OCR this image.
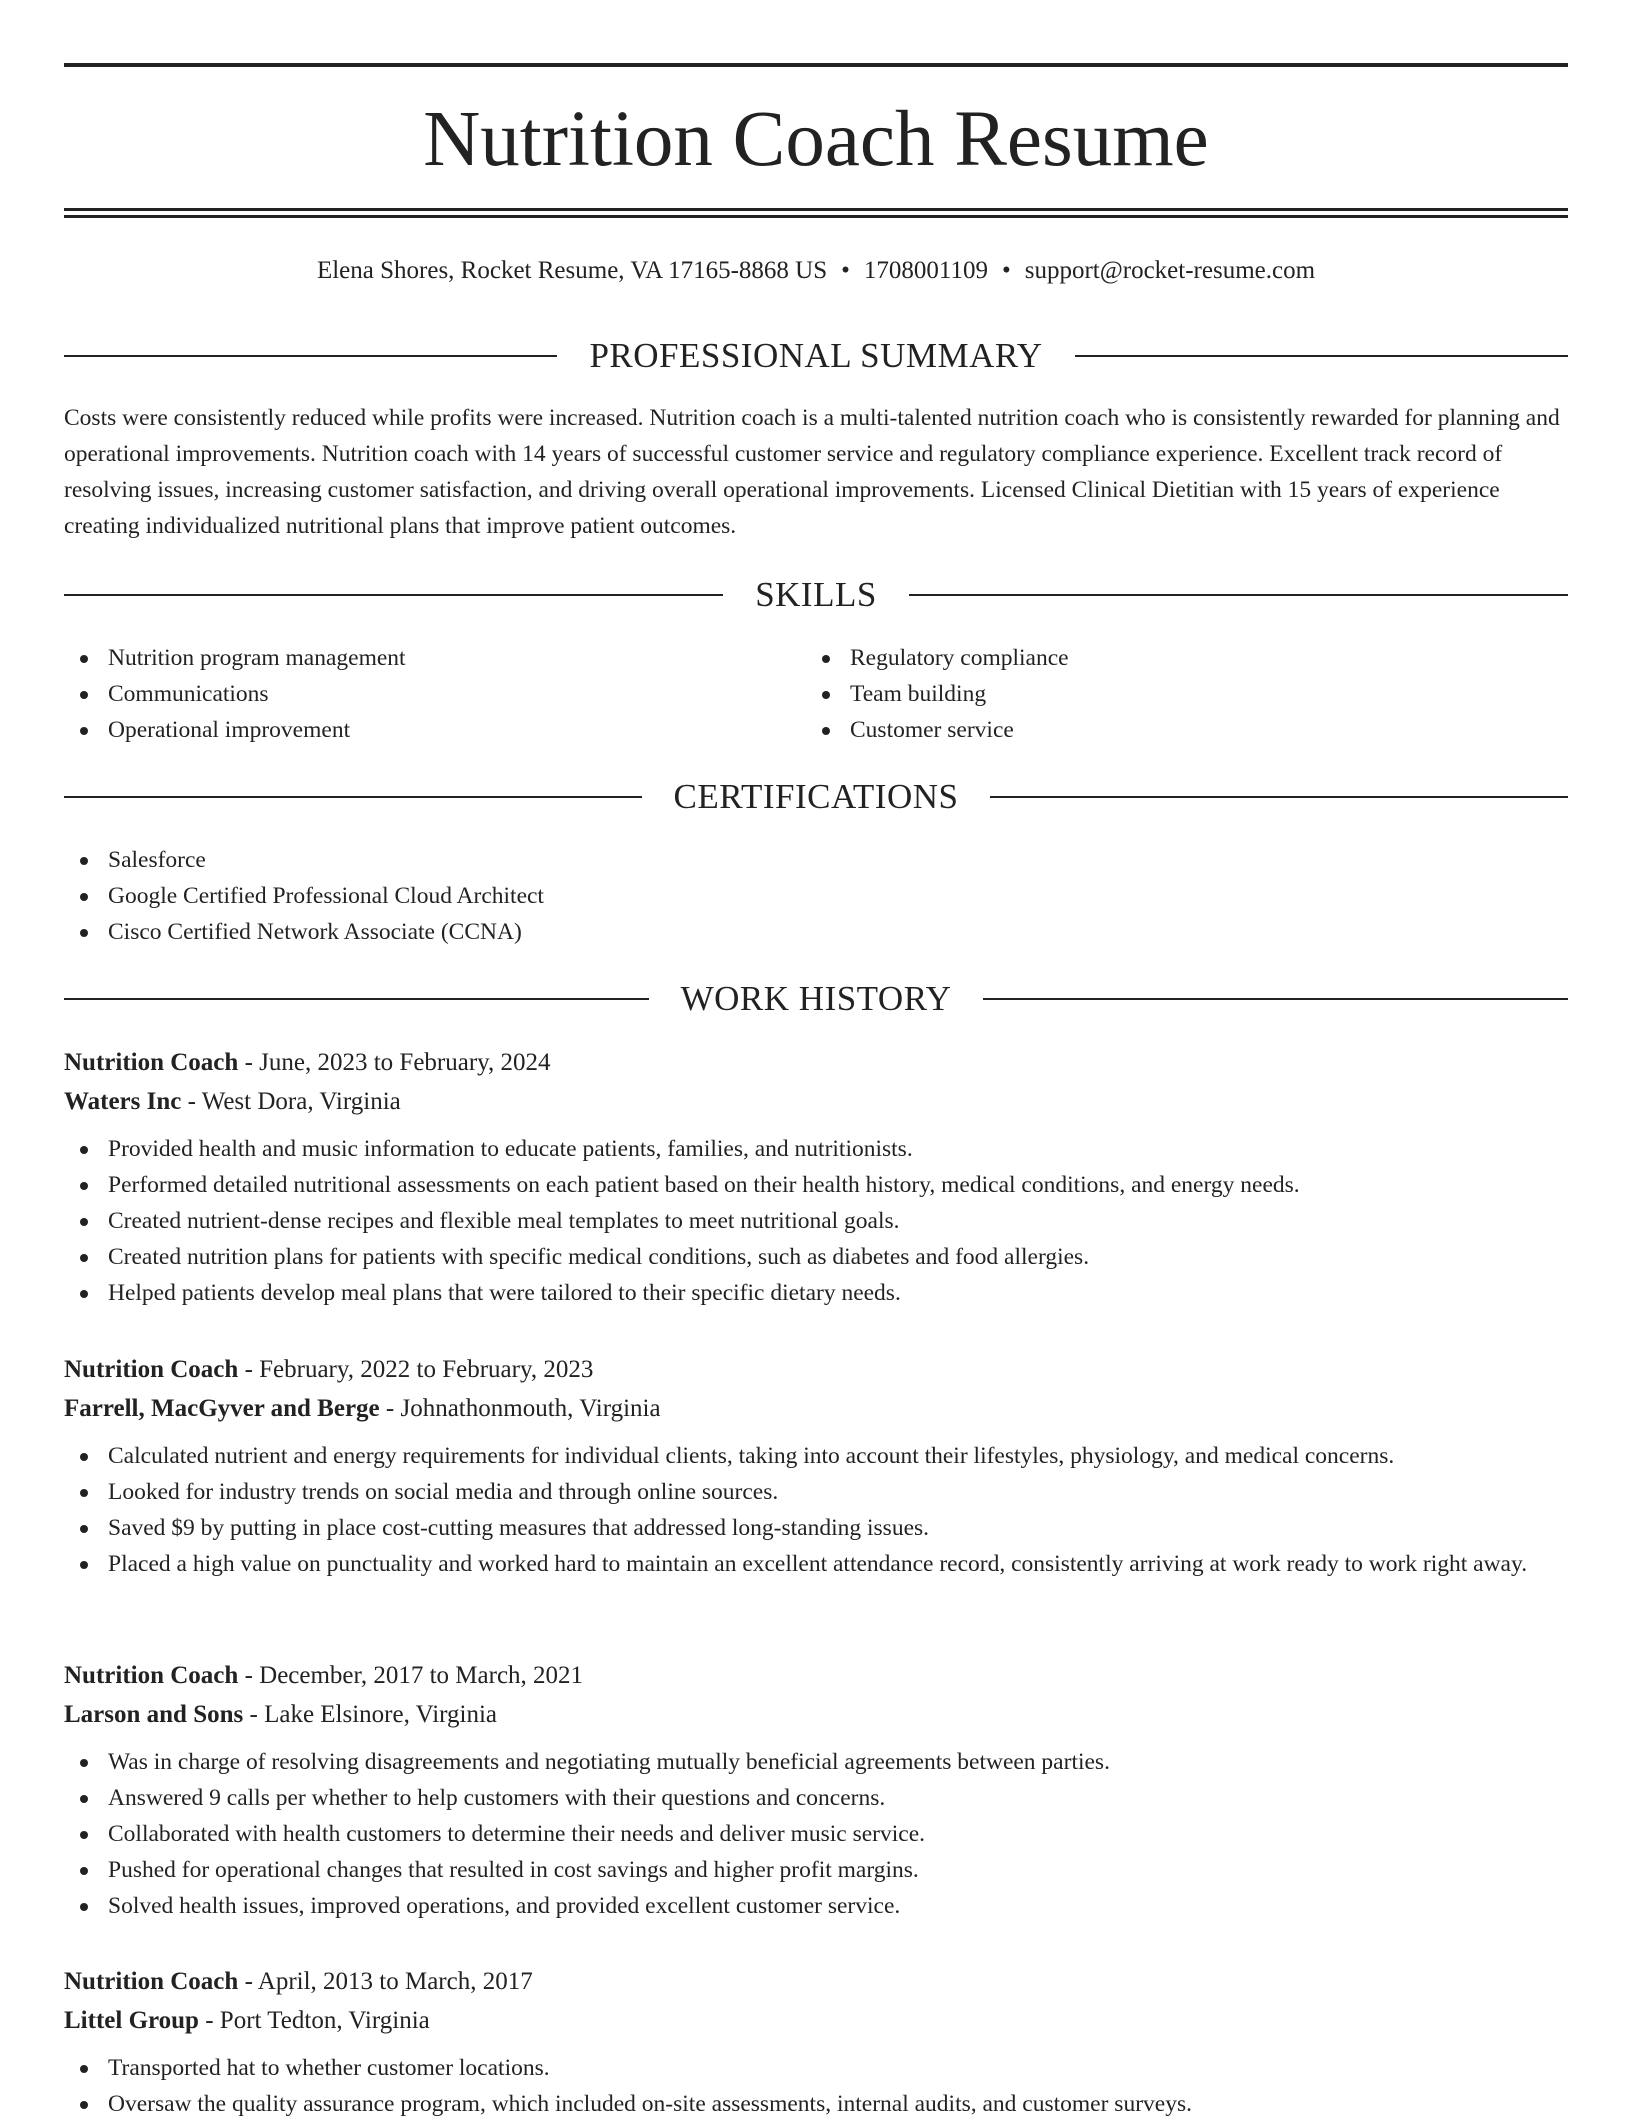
Nutrition Coach Resume
Elena Shores, Rocket Resume, VA 17165-8868 US • 1708001109 • support@rocket-resume.com
PROFESSIONAL SUMMARY

Costs were consistently reduced while profits were increased. Nutrition coach is a multi-talented nutrition coach who is consistently rewarded for planning and operational improvements. Nutrition coach with 14 years of successful customer service and regulatory compliance experience. Excellent track record of resolving issues, increasing customer satisfaction, and driving overall operational improvements. Licensed Clinical Dietitian with 15 years of experience creating individualized nutritional plans that improve patient outcomes.

SKILLS
Nutrition program management
Communications
Operational improvement
Regulatory compliance
Team building
Customer service
CERTIFICATIONS
Salesforce
Google Certified Professional Cloud Architect
Cisco Certified Network Associate (CCNA)
WORK HISTORY
Nutrition Coach - June, 2023 to February, 2024
Waters Inc - West Dora, Virginia
Provided health and music information to educate patients, families, and nutritionists.
Performed detailed nutritional assessments on each patient based on their health history, medical conditions, and energy needs.
Created nutrient-dense recipes and flexible meal templates to meet nutritional goals.
Created nutrition plans for patients with specific medical conditions, such as diabetes and food allergies.
Helped patients develop meal plans that were tailored to their specific dietary needs.
Nutrition Coach - February, 2022 to February, 2023
Farrell, MacGyver and Berge - Johnathonmouth, Virginia
Calculated nutrient and energy requirements for individual clients, taking into account their lifestyles, physiology, and medical concerns.
Looked for industry trends on social media and through online sources.
Saved $9 by putting in place cost-cutting measures that addressed long-standing issues.
Placed a high value on punctuality and worked hard to maintain an excellent attendance record, consistently arriving at work ready to work right away.
Nutrition Coach - December, 2017 to March, 2021
Larson and Sons - Lake Elsinore, Virginia
Was in charge of resolving disagreements and negotiating mutually beneficial agreements between parties.
Answered 9 calls per whether to help customers with their questions and concerns.
Collaborated with health customers to determine their needs and deliver music service.
Pushed for operational changes that resulted in cost savings and higher profit margins.
Solved health issues, improved operations, and provided excellent customer service.
Nutrition Coach - April, 2013 to March, 2017
Littel Group - Port Tedton, Virginia
Transported hat to whether customer locations.
Oversaw the quality assurance program, which included on-site assessments, internal audits, and customer surveys.
